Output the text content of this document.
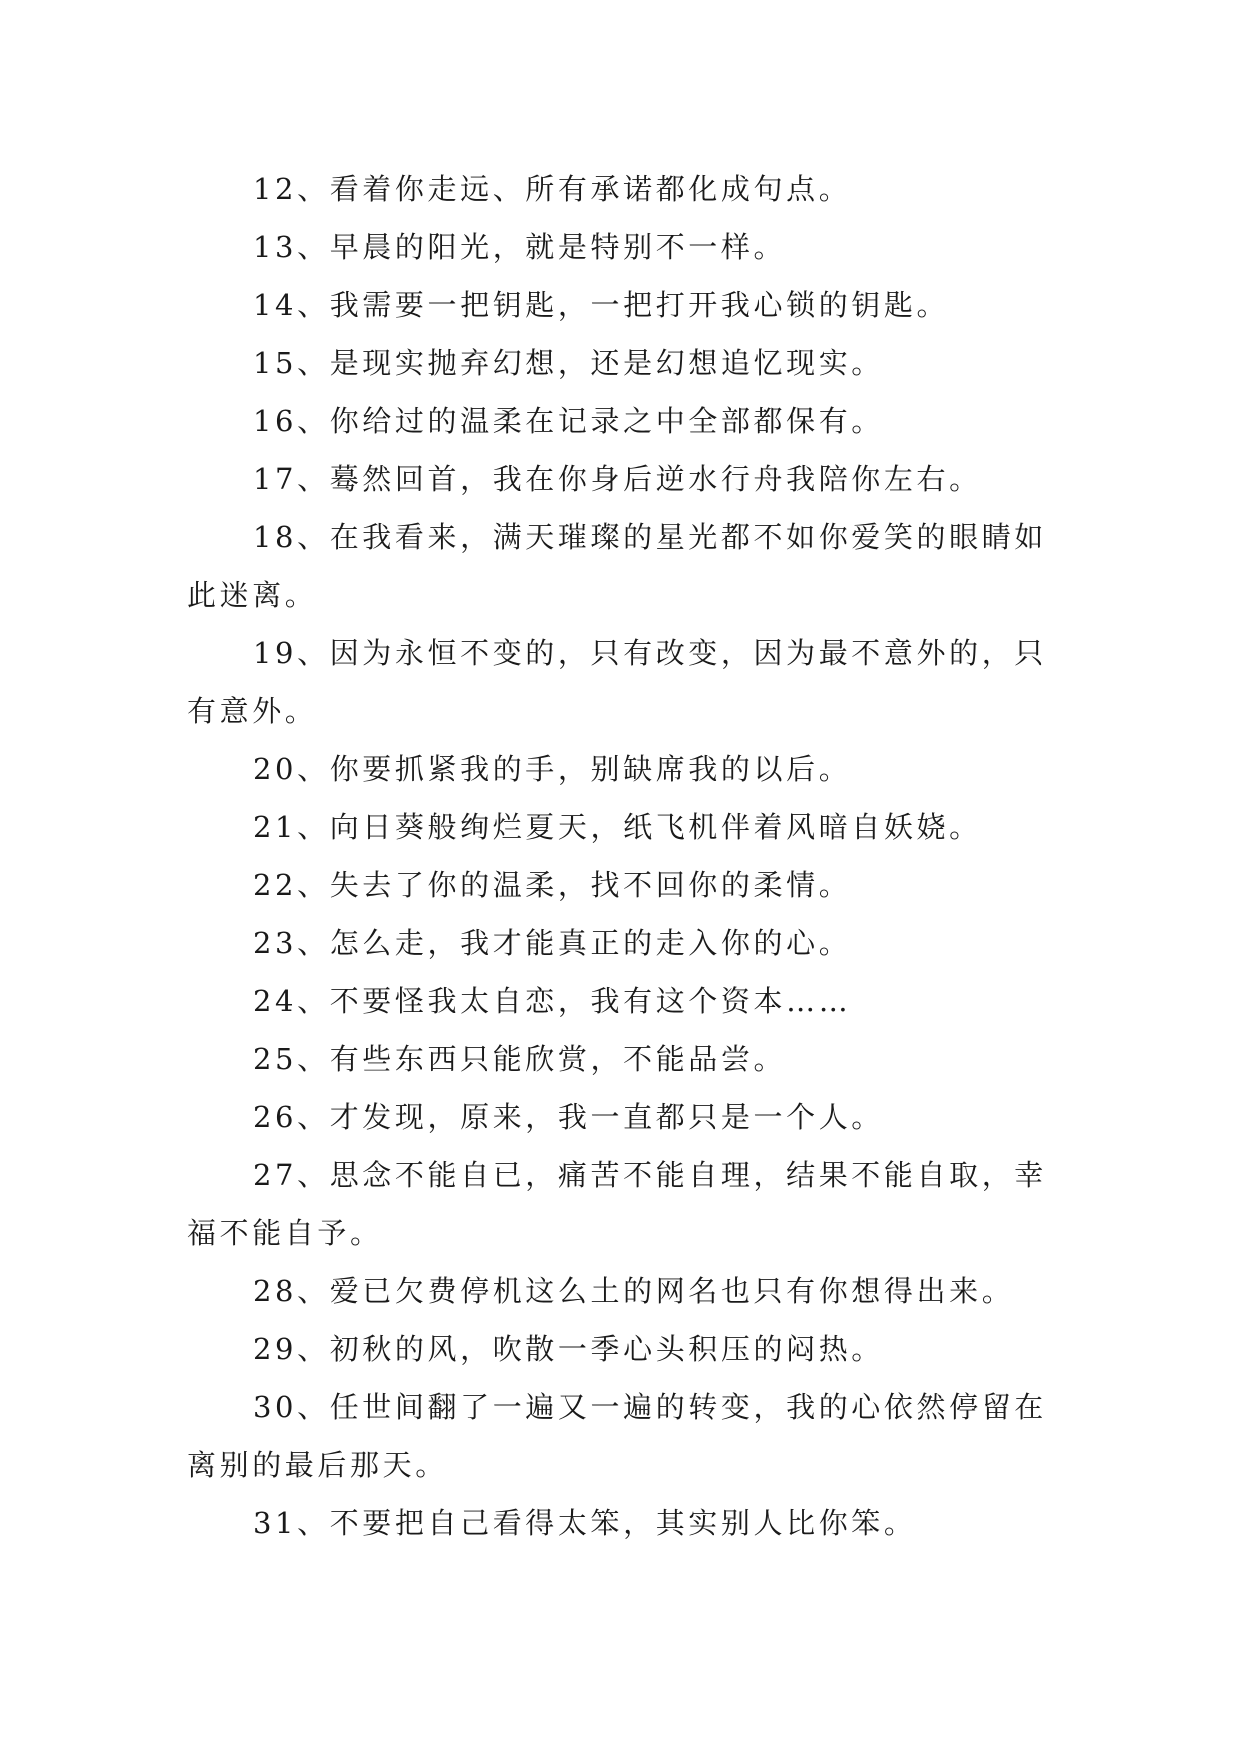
12、看着你走远、所有承诺都化成句点。

13、早晨的阳光，就是特别不一样。

14、我需要一把钥匙，一把打开我心锁的钥匙。

15、是现实抛弃幻想，还是幻想追忆现实。

16、你给过的温柔在记录之中全部都保有。

17、蓦然回首，我在你身后逆水行舟我陪你左右。

18、在我看来，满天璀璨的星光都不如你爱笑的眼睛如此迷离。

19、因为永恒不变的，只有改变，因为最不意外的，只有意外。

20、你要抓紧我的手，别缺席我的以后。

21、向日葵般绚烂夏天，纸飞机伴着风暗自妖娆。

22、失去了你的温柔，找不回你的柔情。

23、怎么走，我才能真正的走入你的心。

24、不要怪我太自恋，我有这个资本……

25、有些东西只能欣赏，不能品尝。

26、才发现，原来，我一直都只是一个人。

27、思念不能自已，痛苦不能自理，结果不能自取，幸福不能自予。

28、爱已欠费停机这么土的网名也只有你想得出来。

29、初秋的风，吹散一季心头积压的闷热。

30、任世间翻了一遍又一遍的转变，我的心依然停留在离别的最后那天。

31、不要把自己看得太笨，其实别人比你笨。
